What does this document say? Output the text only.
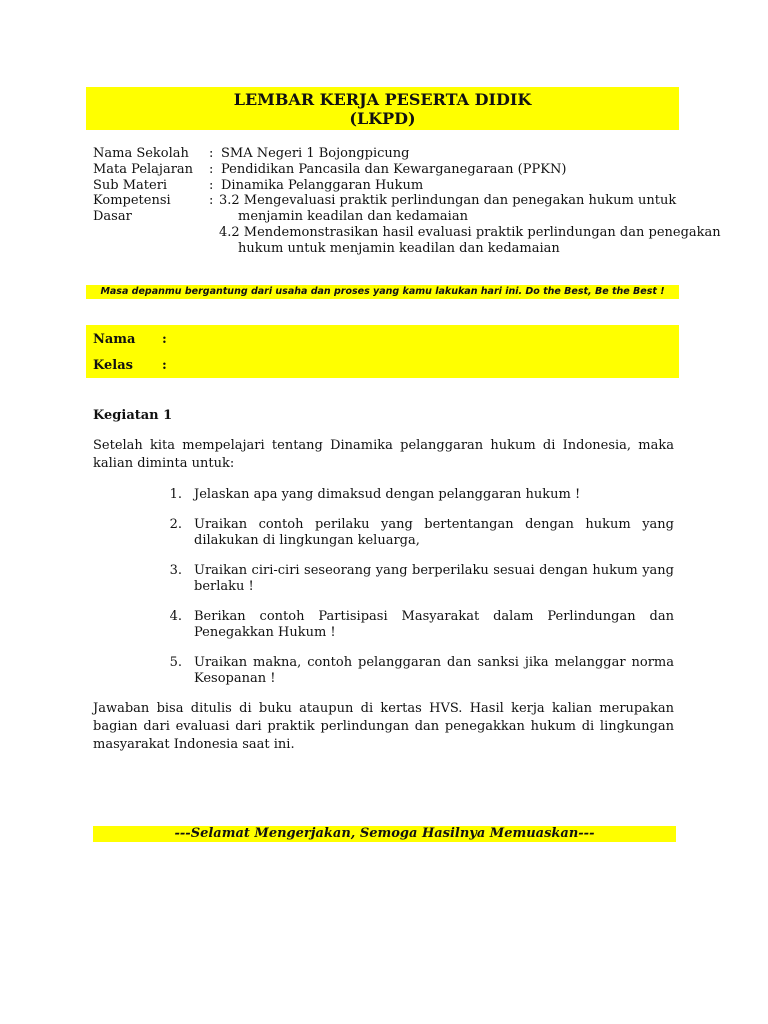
LEMBAR KERJA PESERTA DIDIK
(LKPD)
Nama Sekolah : SMA Negeri 1 Bojongpicung
Mata Pelajaran : Pendidikan Pancasila dan Kewarganegaraan (PPKN)
Sub Materi	: Dinamika Pelanggaran Hukum
Kompetensi
Dasar
: 3.2 Mengevaluasi praktik perlindungan dan penegakan hukum untuk
menjamin keadilan dan kedamaian
4.2 Mendemonstrasikan hasil evaluasi praktik perlindungan dan penegakan
hukum untuk menjamin keadilan dan kedamaian
Masa depanmu bergantung dari usaha dan proses yang kamu lakukan hari ini. Do the Best, Be the Best !
Nama :
Kelas :
Kegiatan 1
Setelah kita mempelajari tentang Dinamika pelanggaran hukum di Indonesia, maka kalian diminta untuk:
1. Jelaskan apa yang dimaksud dengan pelanggaran hukum !
2. Uraikan contoh perilaku yang bertentangan dengan hukum yang dilakukan di lingkungan keluarga,
3. Uraikan ciri-ciri seseorang yang berperilaku sesuai dengan hukum yang berlaku !
4. Berikan contoh Partisipasi Masyarakat dalam Perlindungan dan Penegakkan Hukum !
5. Uraikan makna, contoh pelanggaran dan sanksi jika melanggar norma Kesopanan !
Jawaban bisa ditulis di buku ataupun di kertas HVS. Hasil kerja kalian merupakan bagian dari evaluasi dari praktik perlindungan dan penegakkan hukum di lingkungan masyarakat Indonesia saat ini.
---Selamat Mengerjakan, Semoga Hasilnya Memuaskan---
